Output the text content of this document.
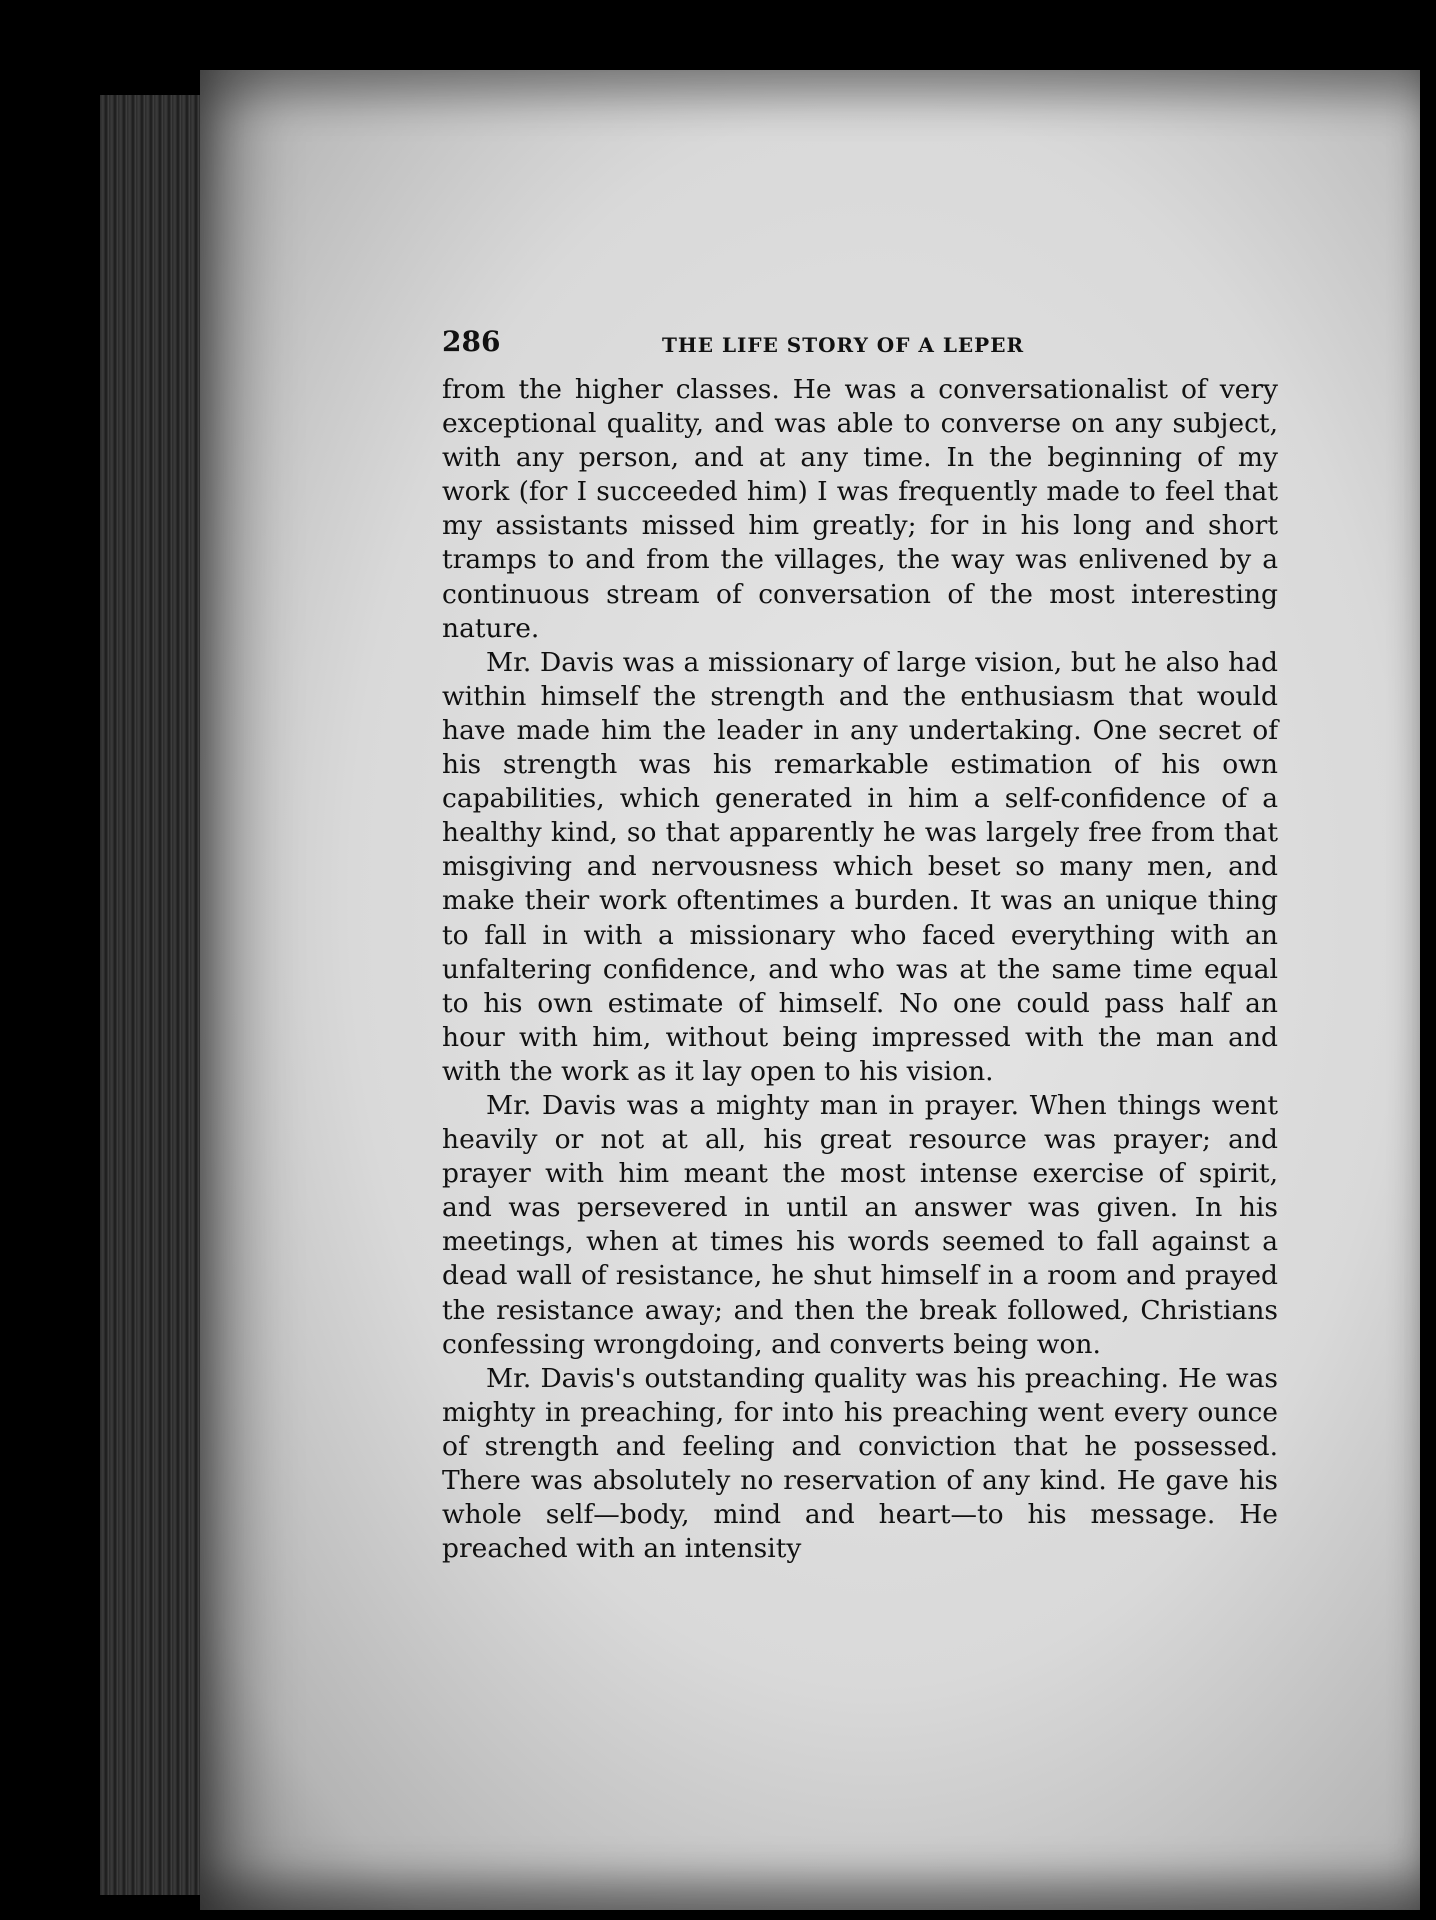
286	THE LIFE STORY OF A LEPER

from the higher classes. He was a conversationalist of very exceptional quality, and was able to converse on any subject, with any person, and at any time. In the beginning of my work (for I succeeded him) I was frequently made to feel that my assistants missed him greatly; for in his long and short tramps to and from the villages, the way was enlivened by a continuous stream of conversation of the most interesting nature.

Mr. Davis was a missionary of large vision, but he also had within himself the strength and the enthusiasm that would have made him the leader in any undertaking. One secret of his strength was his remarkable estimation of his own capabilities, which generated in him a self-confidence of a healthy kind, so that apparently he was largely free from that misgiving and nervousness which beset so many men, and make their work oftentimes a burden. It was an unique thing to fall in with a missionary who faced everything with an unfaltering confidence, and who was at the same time equal to his own estimate of himself. No one could pass half an hour with him, without being impressed with the man and with the work as it lay open to his vision.

Mr. Davis was a mighty man in prayer. When things went heavily or not at all, his great resource was prayer; and prayer with him meant the most intense exercise of spirit, and was persevered in until an answer was given. In his meetings, when at times his words seemed to fall against a dead wall of resistance, he shut himself in a room and prayed the resistance away; and then the break followed, Christians confessing wrongdoing, and converts being won.

Mr. Davis's outstanding quality was his preaching. He was mighty in preaching, for into his preaching went every ounce of strength and feeling and conviction that he possessed. There was absolutely no reservation of any kind. He gave his whole self—body, mind and heart—to his message. He preached with an intensity
